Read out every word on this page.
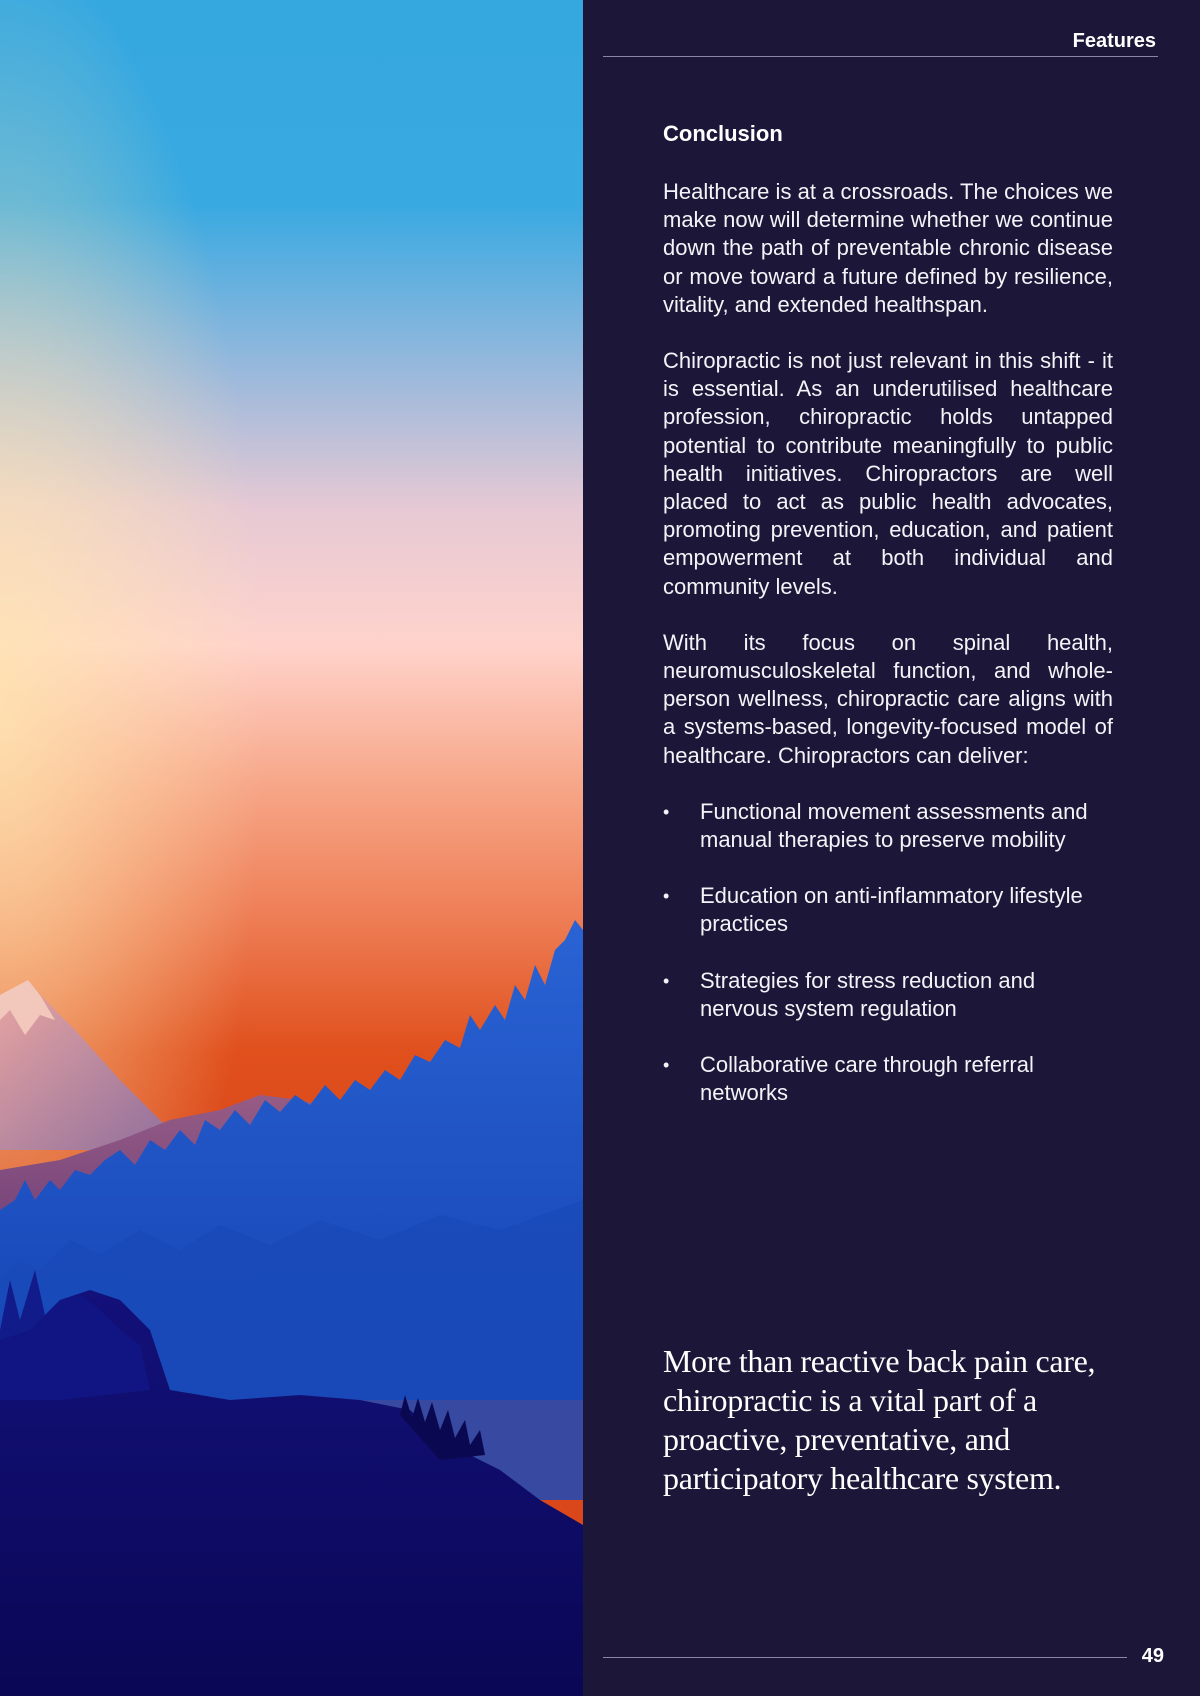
Features
Conclusion

Healthcare is at a crossroads. The choices we make now will determine whether we continue down the path of preventable chronic disease or move toward a future defined by resilience, vitality, and extended healthspan.

Chiropractic is not just relevant in this shift - it is essential. As an underutilised healthcare profession, chiropractic holds untapped potential to contribute meaningfully to public health initiatives. Chiropractors are well placed to act as public health advocates, promoting prevention, education, and patient empowerment at both individual and community levels.

With its focus on spinal health, neuromusculoskeletal function, and whole-person wellness, chiropractic care aligns with a systems-based, longevity-focused model of healthcare. Chiropractors can deliver:

• Functional movement assessments and manual therapies to preserve mobility
• Education on anti-inflammatory lifestyle practices
• Strategies for stress reduction and nervous system regulation
• Collaborative care through referral networks
More than reactive back pain care, chiropractic is a vital part of a proactive, preventative, and participatory healthcare system.
49
